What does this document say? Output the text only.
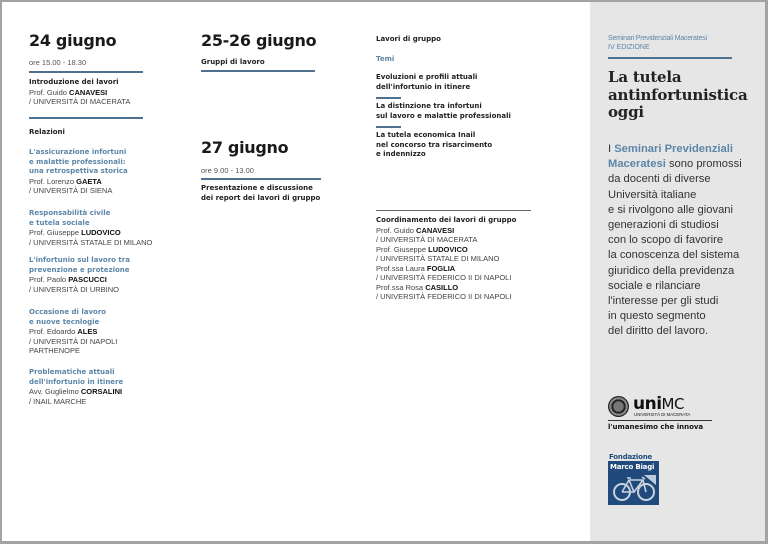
24 giugno
ore 15.00 - 18.30
Introduzione dei lavori
Prof. Guido CANAVESI
/ UNIVERSITÀ DI MACERATA
Relazioni
L'assicurazione infortuni
e malattie professionali:
una retrospettiva storica
Prof. Lorenzo GAETA
/ UNIVERSITÀ DI SIENA
Responsabilità civile
e tutela sociale
Prof. Giuseppe LUDOVICO
/ UNIVERSITÀ STATALE DI MILANO
L'infortunio sul lavoro tra
prevenzione e protezione
Prof. Paolo PASCUCCI
/ UNIVERSITÀ DI URBINO
Occasione di lavoro
e nuove tecnlogie
Prof. Edoardo ALES
/ UNIVERSITÀ DI NAPOLI
PARTHENOPE
Problematiche attuali
dell'infortunio in itinere
Avv. Guglielmo CORSALINI
/ INAIL MARCHE
25-26 giugno
Gruppi di lavoro
27 giugno
ore 9.00 - 13.00
Presentazione e discussione
dei report dei lavori di gruppo
Lavori di gruppo
Temi
Evoluzioni e profili attuali
dell'infortunio in itinere
La distinzione tra infortuni
sul lavoro e malattie professionali
La tutela economica Inail
nel concorso tra risarcimento
e indennizzo
Coordinamento dei lavori di gruppo
Prof. Guido CANAVESI
/ UNIVERSITÀ DI MACERATA
Prof. Giuseppe LUDOVICO
/ UNIVERSITÀ STATALE DI MILANO
Prof.ssa Laura FOGLIA
/ UNIVERSITÀ FEDERICO II DI NAPOLI
Prof.ssa Rosa CASILLO
/ UNIVERSITÀ FEDERICO II DI NAPOLI
Seminari Previdenziali Maceratesi
IV EDIZIONE
La tutela
antinfortunistica
oggi
I Seminari Previdenziali
Maceratesi sono promossi
da docenti di diverse
Università italiane
e si rivolgono alle giovani
generazioni di studiosi
con lo scopo di favorire
la conoscenza del sistema
giuridico della previdenza
sociale e rilanciare
l'interesse per gli studi
in questo segmento
del diritto del lavoro.
uniMC
UNIVERSITÀ DI MACERATA
l'umanesimo che innova
Fondazione
Marco Biagi
